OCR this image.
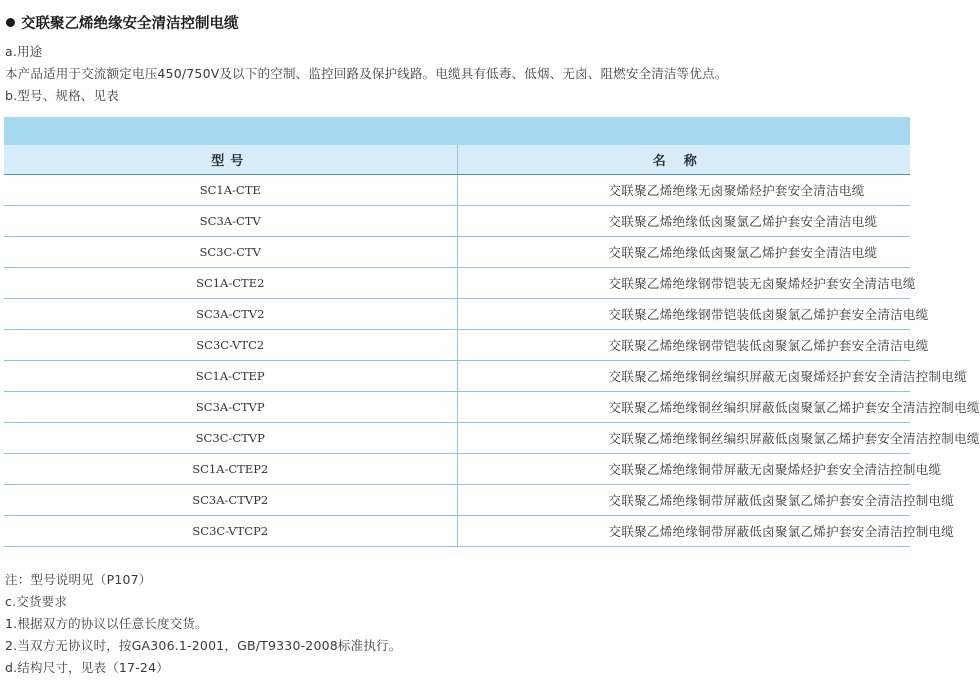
交联聚乙烯绝缘安全清洁控制电缆
a.用途
本产品适用于交流额定电压450/750V及以下的空制、监控回路及保护线路。电缆具有低毒、低烟、无卤、阻燃安全清洁等优点。
b.型号、规格、见表

型号	名称
SC1A-CTE	交联聚乙烯绝缘无卤聚烯烃护套安全清洁电缆
SC3A-CTV	交联聚乙烯绝缘低卤聚氯乙烯护套安全清洁电缆
SC3C-CTV	交联聚乙烯绝缘低卤聚氯乙烯护套安全清洁电缆
SC1A-CTE2	交联聚乙烯绝缘钢带铠装无卤聚烯烃护套安全清洁电缆
SC3A-CTV2	交联聚乙烯绝缘钢带铠装低卤聚氯乙烯护套安全清洁电缆
SC3C-VTC2	交联聚乙烯绝缘钢带铠装低卤聚氯乙烯护套安全清洁电缆
SC1A-CTEP	交联聚乙烯绝缘铜丝编织屏蔽无卤聚烯烃护套安全清洁控制电缆
SC3A-CTVP	交联聚乙烯绝缘铜丝编织屏蔽低卤聚氯乙烯护套安全清洁控制电缆
SC3C-CTVP	交联聚乙烯绝缘铜丝编织屏蔽低卤聚氯乙烯护套安全清洁控制电缆
SC1A-CTEP2	交联聚乙烯绝缘铜带屏蔽无卤聚烯烃护套安全清洁控制电缆
SC3A-CTVP2	交联聚乙烯绝缘铜带屏蔽低卤聚氯乙烯护套安全清洁控制电缆
SC3C-VTCP2	交联聚乙烯绝缘铜带屏蔽低卤聚氯乙烯护套安全清洁控制电缆
注：型号说明见（P107）
c.交货要求
1.根据双方的协议以任意长度交货。
2.当双方无协议时，按GA306.1-2001，GB/T9330-2008标准执行。
d.结构尺寸，见表（17-24）
